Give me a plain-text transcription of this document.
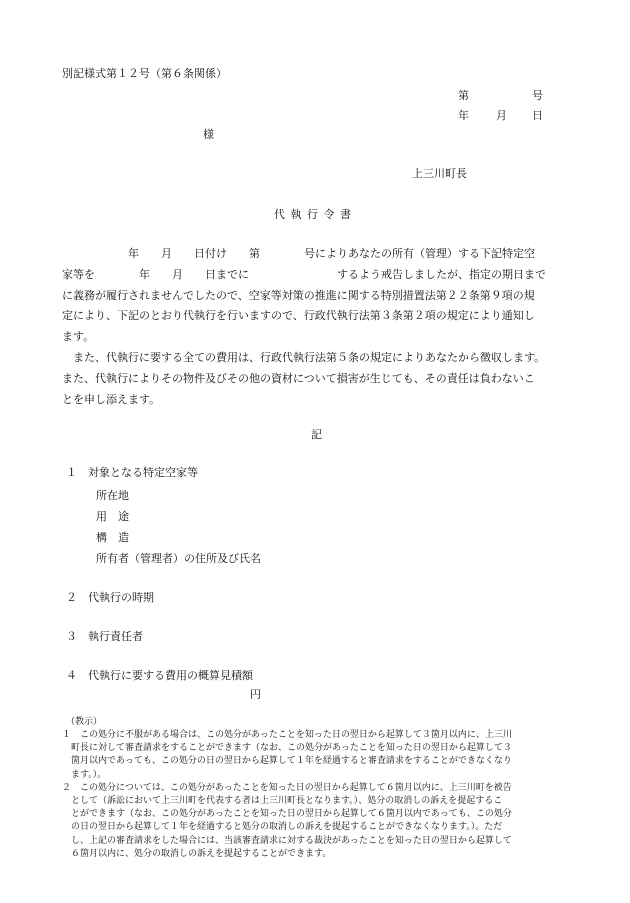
別記様式第１２号（第６条関係）
第	号
年 月 日
様
上三川町長
代 執 行 令 書
　　　　　　年　　月　　日付け　　第　　　　号によりあなたの所有（管理）する下記特定空
家等を　　　　年　　月　　日までに　　　　　　　　するよう戒告しましたが、指定の期日まで
に義務が履行されませんでしたので、空家等対策の推進に関する特別措置法第２２条第９項の規
定により、下記のとおり代執行を行いますので、行政代執行法第３条第２項の規定により通知し
ます。
　また、代執行に要する全ての費用は、行政代執行法第５条の規定によりあなたから徴収します。
また、代執行によりその物件及びその他の資材について損害が生じても、その責任は負わないこ
とを申し添えます。
記
１ 対象となる特定空家等
所在地
用　途
構　造
所有者（管理者）の住所及び氏名
２ 代執行の時期
３ 執行責任者
４ 代執行に要する費用の概算見積額
円
（教示）
１　この処分に不服がある場合は、この処分があったことを知った日の翌日から起算して３箇月以内に、上三川
　町長に対して審査請求をすることができます（なお、この処分があったことを知った日の翌日から起算して３
　箇月以内であっても、この処分の日の翌日から起算して１年を経過すると審査請求をすることができなくなり
　ます。）。
２　この処分については、この処分があったことを知った日の翌日から起算して６箇月以内に、上三川町を被告
　として（訴訟において上三川町を代表する者は上三川町長となります。）、処分の取消しの訴えを提起するこ
　とができます（なお、この処分があったことを知った日の翌日から起算して６箇月以内であっても、この処分
　の日の翌日から起算して１年を経過すると処分の取消しの訴えを提起することができなくなります。）。ただ
　し、上記の審査請求をした場合には、当該審査請求に対する裁決があったことを知った日の翌日から起算して
　６箇月以内に、処分の取消しの訴えを提起することができます。
